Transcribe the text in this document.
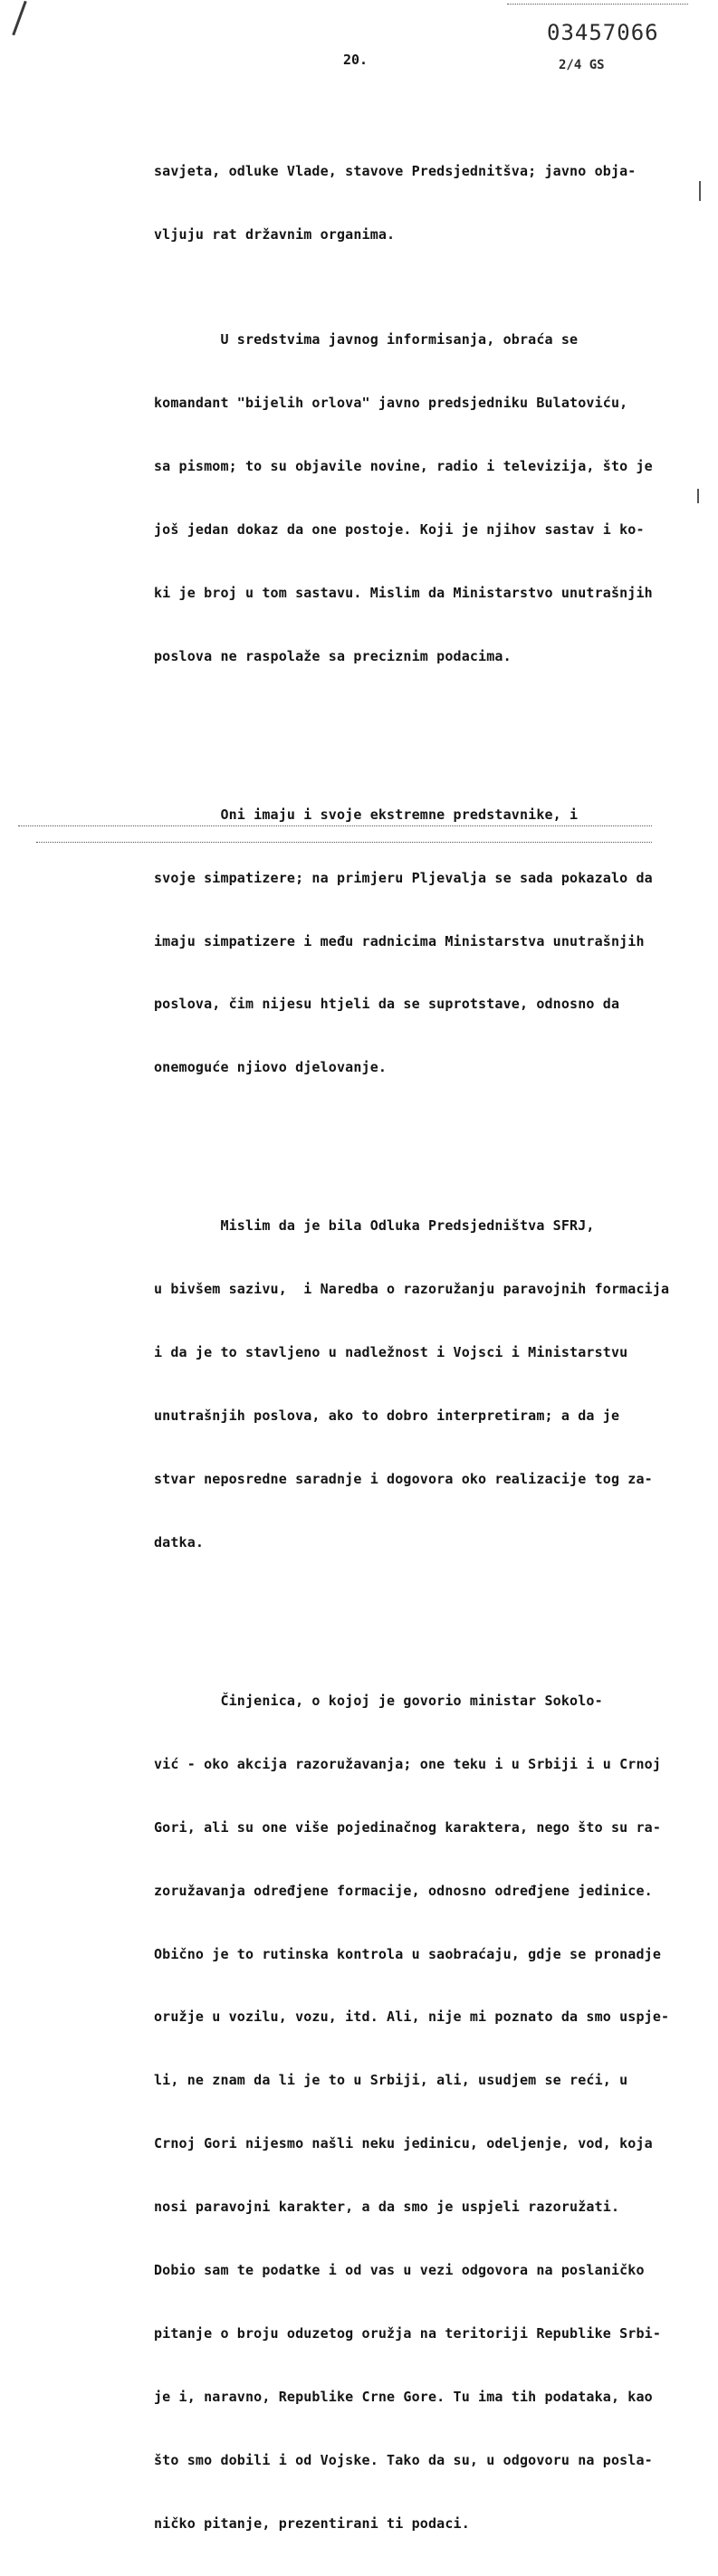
03457066
20.	2/4 GS

savjeta, odluke Vlade, stavove Predsjednitšva; javno obja-

vljuju rat državnim organima.

U sredstvima javnog informisanja, obraća se

komandant "bijelih orlova" javno predsjedniku Bulatoviću,

sa pismom; to su objavile novine, radio i televizija, što je

još jedan dokaz da one postoje. Koji je njihov sastav i ko-

ki je broj u tom sastavu. Mislim da Ministarstvo unutrašnjih

poslova ne raspolaže sa preciznim podacima.

Oni imaju i svoje ekstremne predstavnike, i

svoje simpatizere; na primjeru Pljevalja se sada pokazalo da

imaju simpatizere i među radnicima Ministarstva unutrašnjih

poslova, čim nijesu htjeli da se suprotstave, odnosno da

onemoguće njiovo djelovanje.

Mislim da je bila Odluka Predsjedništva SFRJ,

u bivšem sazivu,  i Naredba o razoružanju paravojnih formacija

i da je to stavljeno u nadležnost i Vojsci i Ministarstvu

unutrašnjih poslova, ako to dobro interpretiram; a da je

stvar neposredne saradnje i dogovora oko realizacije tog za-

datka.

Činjenica, o kojoj je govorio ministar Sokolo-

vić - oko akcija razoružavanja; one teku i u Srbiji i u Crnoj

Gori, ali su one više pojedinačnog karaktera, nego što su ra-

zoružavanja određjene formacije, odnosno određjene jedinice.

Obično je to rutinska kontrola u saobraćaju, gdje se pronadje

oružje u vozilu, vozu, itd. Ali, nije mi poznato da smo uspje-

li, ne znam da li je to u Srbiji, ali, usudjem se reći, u

Crnoj Gori nijesmo našli neku jedinicu, odeljenje, vod, koja

nosi paravojni karakter, a da smo je uspjeli razoružati.

Dobio sam te podatke i od vas u vezi odgovora na poslaničko

pitanje o broju oduzetog oružja na teritoriji Republike Srbi-

je i, naravno, Republike Crne Gore. Tu ima tih podataka, kao

što smo dobili i od Vojske. Tako da su, u odgovoru na posla-

ničko pitanje, prezentirani ti podaci.
